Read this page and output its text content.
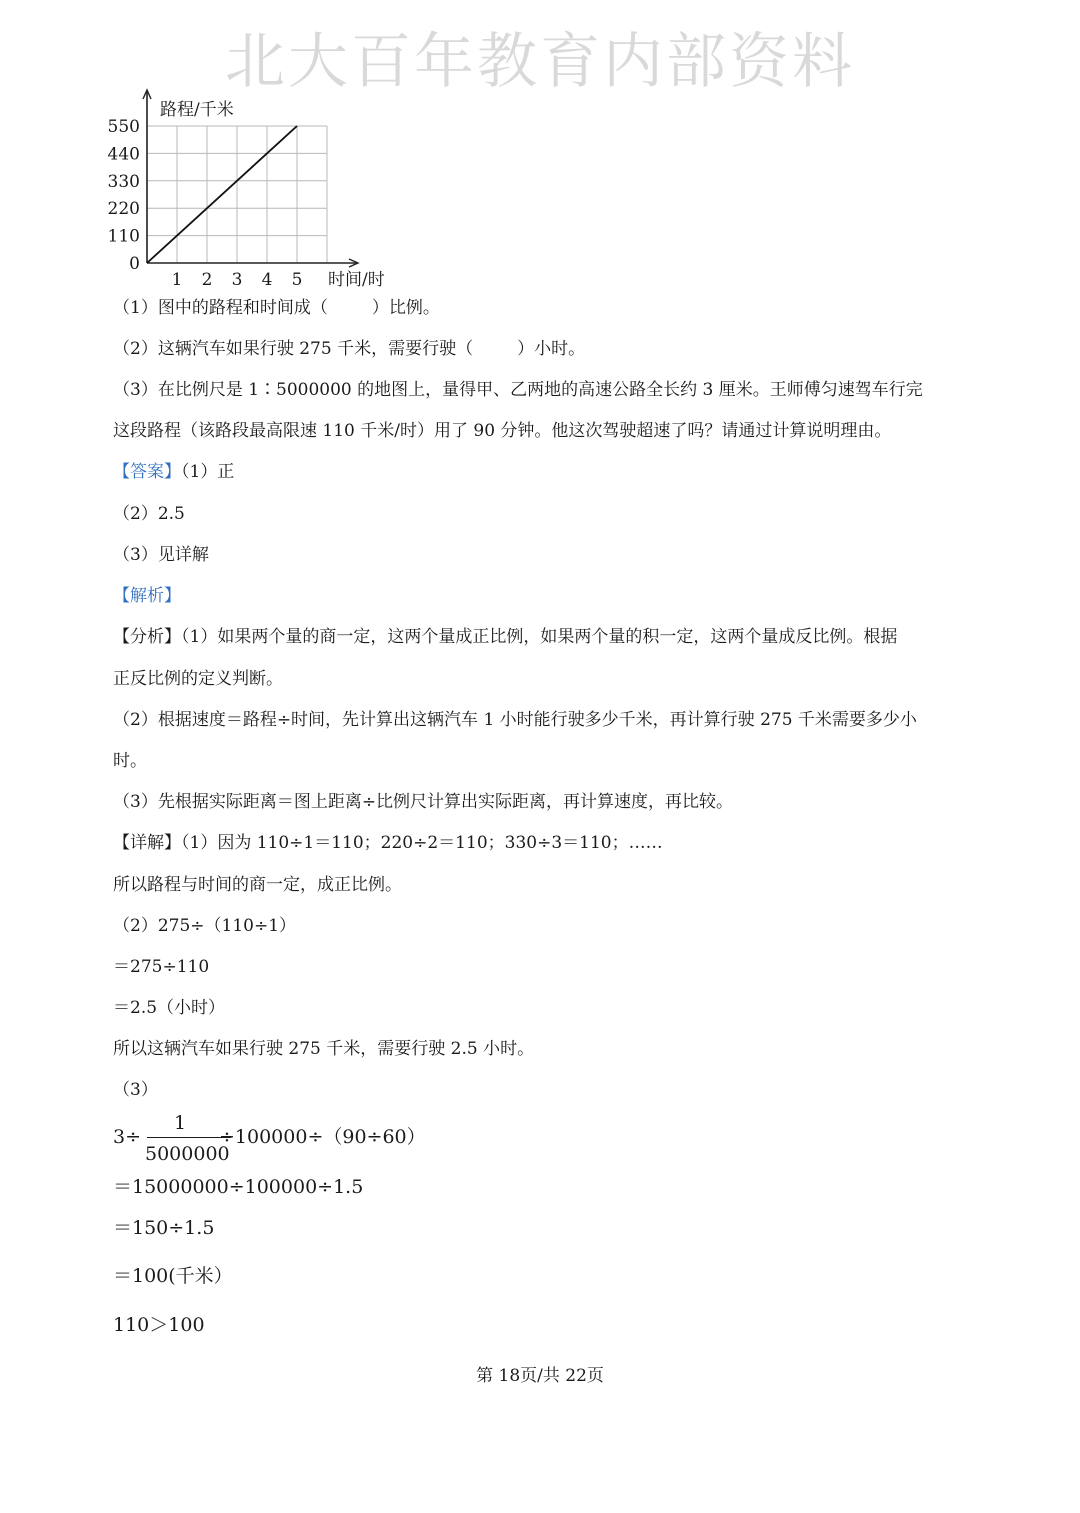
北大百年教育内部资料
0
110
220
330
440
550
1 2 3 4 5
路程/千米
时间/时
（1）图中的路程和时间成（	）比例。
（2）这辆汽车如果行驶 275 千米，需要行驶（	）小时。
（3）在比例尺是 1∶5000000 的地图上，量得甲、乙两地的高速公路全长约 3 厘米。王师傅匀速驾车行完
这段路程（该路段最高限速 110 千米/时）用了 90 分钟。他这次驾驶超速了吗？请通过计算说明理由。
【答案】（1）正
（2）2.5
（3）见详解
【解析】
【分析】（1）如果两个量的商一定，这两个量成正比例，如果两个量的积一定，这两个量成反比例。根据
正反比例的定义判断。
（2）根据速度＝路程÷时间，先计算出这辆汽车 1 小时能行驶多少千米，再计算行驶 275 千米需要多少小
时。
（3）先根据实际距离＝图上距离÷比例尺计算出实际距离，再计算速度，再比较。
【详解】（1）因为 110÷1＝110；220÷2＝110；330÷3＝110；……
所以路程与时间的商一定，成正比例。
（2）275÷（110÷1）
＝275÷110
＝2.5（小时）
所以这辆汽车如果行驶 275 千米，需要行驶 2.5 小时。
（3）
3÷
1
5000000
÷100000÷（90÷60）
＝15000000÷100000÷1.5
＝150÷1.5
＝100(千米）
110＞100
第 18页/共 22页
